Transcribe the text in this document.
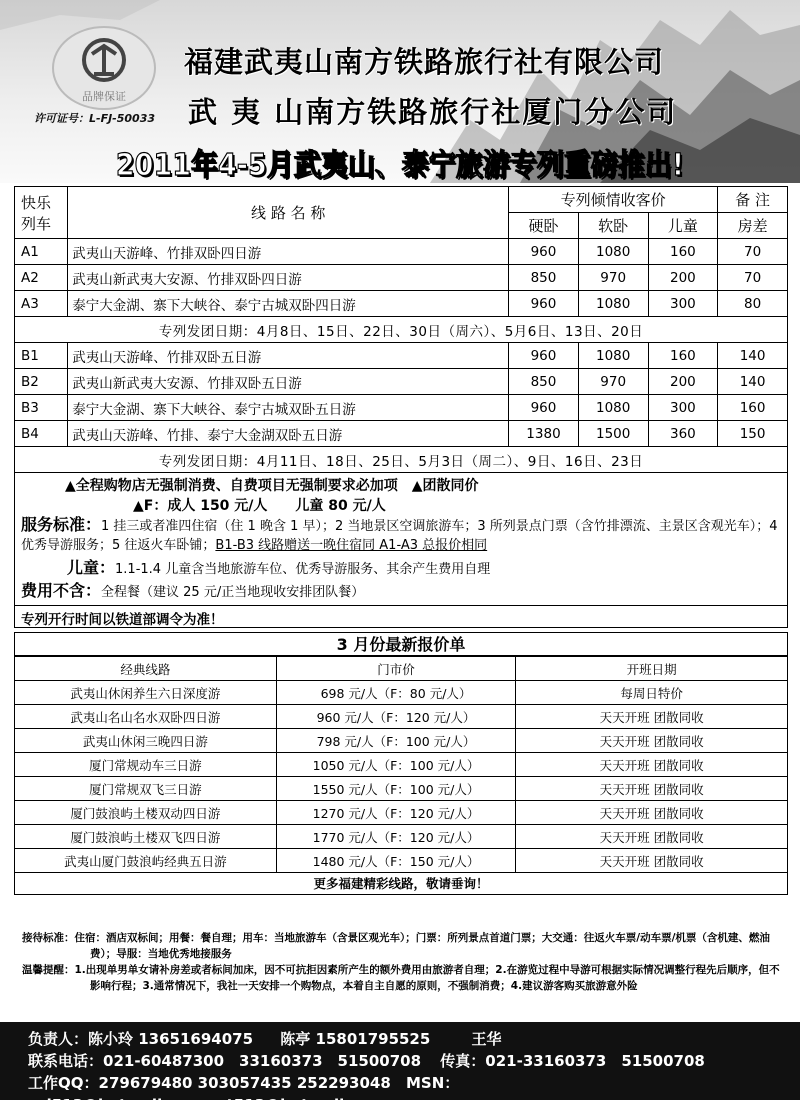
品牌保证
许可证号：L-FJ-50033
福建武夷山南方铁路旅行社有限公司
武 夷 山南方铁路旅行社厦门分公司
2011年4-5月武夷山、泰宁旅游专列重磅推出!
快乐
列车	线 路 名 称	专列倾情收客价			备 注
		硬卧	软卧	儿童	房差
A1	武夷山天游峰、竹排双卧四日游	960	1080	160	70
A2	武夷山新武夷大安源、竹排双卧四日游	850	970	200	70
A3	泰宁大金湖、寨下大峡谷、泰宁古城双卧四日游	960	1080	300	80
专列发团日期：4月8日、15日、22日、30日（周六）、5月6日、13日、20日					
B1	武夷山天游峰、竹排双卧五日游	960	1080	160	140
B2	武夷山新武夷大安源、竹排双卧五日游	850	970	200	140
B3	泰宁大金湖、寨下大峡谷、泰宁古城双卧五日游	960	1080	300	160
B4	武夷山天游峰、竹排、泰宁大金湖双卧五日游	1380	1500	360	150
专列发团日期：4月11日、18日、25日、5月3日（周二）、9日、16日、23日					
▲全程购物店无强制消费、自费项目无强制要求必加项　▲团散同价
▲F：成人 150 元/人　　儿童 80 元/人
服务标准：1 挂三或者准四住宿（住 1 晚含 1 早）；2 当地景区空调旅游车；3 所列景点门票（含竹排漂流、主景区含观光车）；4 优秀导游服务；5 往返火车卧铺；B1-B3 线路赠送一晚住宿同 A1-A3 总报价相同
儿童：1.1-1.4 儿童含当地旅游车位、优秀导游服务、其余产生费用自理
费用不含：全程餐（建议 25 元/正当地现收安排团队餐）
专列开行时间以铁道部调令为准！
3 月份最新报价单
经典线路	门市价	开班日期
武夷山休闲养生六日深度游	698 元/人（F：80 元/人）	每周日特价
武夷山名山名水双卧四日游	960 元/人（F：120 元/人）	天天开班 团散同收
武夷山休闲三晚四日游	798 元/人（F：100 元/人）	天天开班 团散同收
厦门常规动车三日游	1050 元/人（F：100 元/人）	天天开班 团散同收
厦门常规双飞三日游	1550 元/人（F：100 元/人）	天天开班 团散同收
厦门鼓浪屿土楼双动四日游	1270 元/人（F：120 元/人）	天天开班 团散同收
厦门鼓浪屿土楼双飞四日游	1770 元/人（F：120 元/人）	天天开班 团散同收
武夷山厦门鼓浪屿经典五日游	1480 元/人（F：150 元/人）	天天开班 团散同收
更多福建精彩线路，敬请垂询！
接待标准：住宿：酒店双标间；用餐：餐自理；用车：当地旅游车（含景区观光车）；门票：所列景点首道门票；大交通：往返火车票/动车票/机票（含机建、燃油费）；导服：当地优秀地接服务
温馨提醒：1.出现单男单女请补房差或者标间加床，因不可抗拒因素所产生的额外费用由旅游者自理；2.在游览过程中导游可根据实际情况调整行程先后顺序，但不影响行程；3.通常情况下，我社一天安排一个购物点，本着自主自愿的原则，不强制消费；4.建议游客购买旅游意外险
负责人：陈小玲 13651694075 陈亭 15801795525	王华
联系电话：021-60487300　33160373　51500708 传真：021-33160373　51500708
工作QQ：279679480 303057435 252293048 MSN：cxl513@hotmail.com　ct513@hotmail.com
